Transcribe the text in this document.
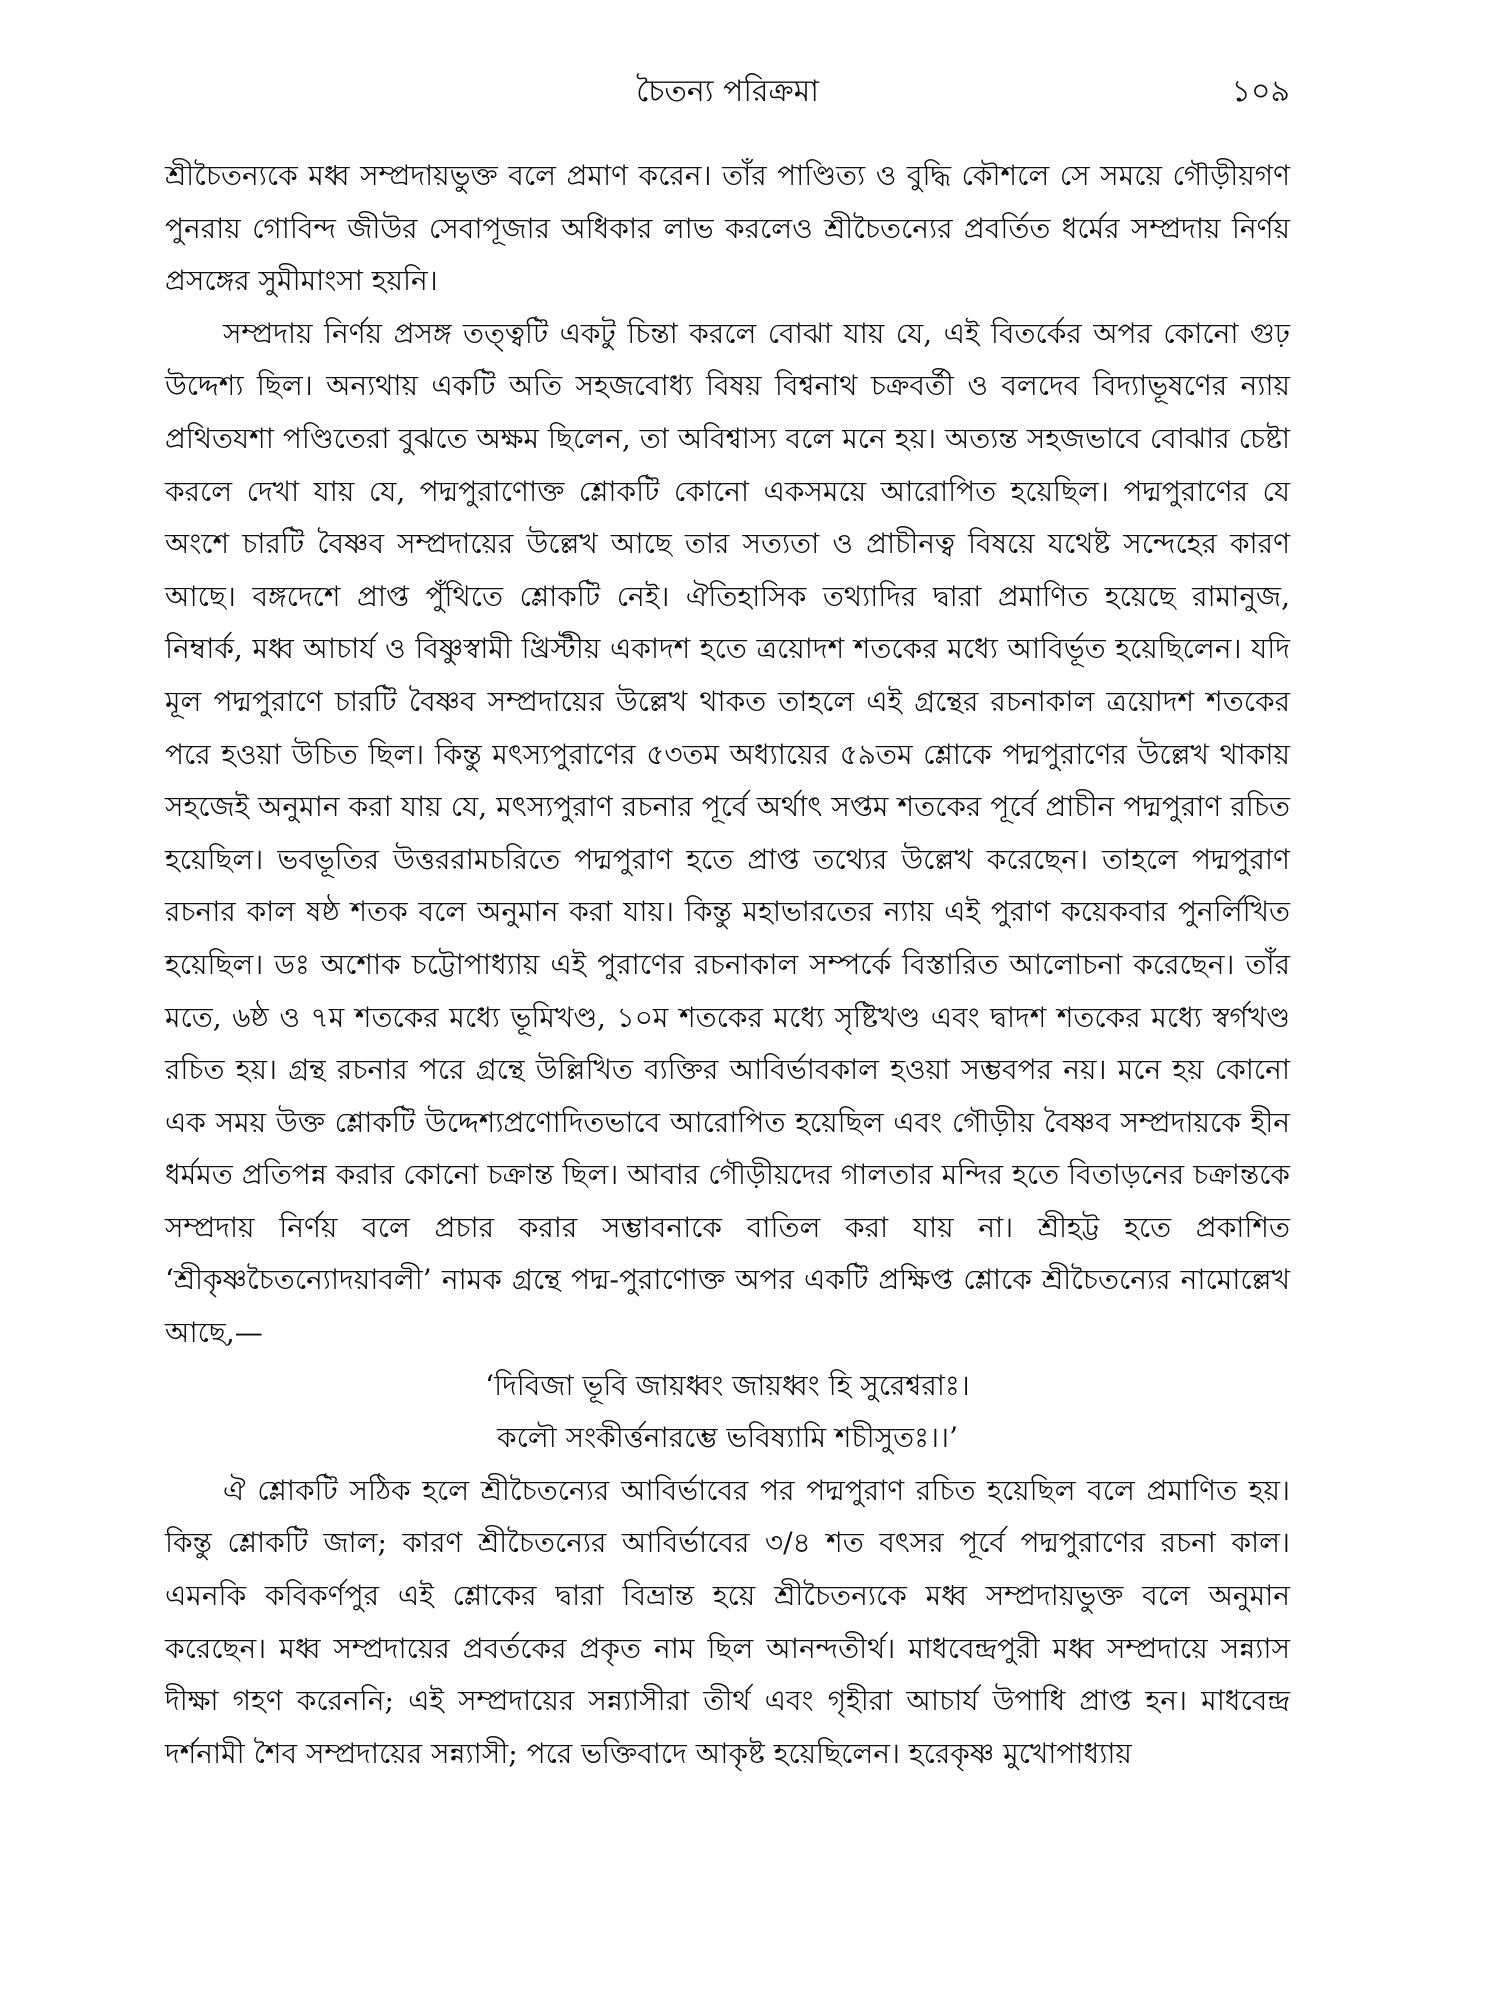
চৈতন্য পরিক্রমা	১০৯

শ্রীচৈতন্যকে মধ্ব সম্প্রদায়ভুক্ত বলে প্রমাণ করেন। তাঁর পাণ্ডিত্য ও বুদ্ধি কৌশলে সে সময়ে গৌড়ীয়গণ পুনরায় গোবিন্দ জীউর সেবাপূজার অধিকার লাভ করলেও শ্রীচৈতন্যের প্রবর্তিত ধর্মের সম্প্রদায় নির্ণয় প্রসঙ্গের সুমীমাংসা হয়নি।

সম্প্রদায় নির্ণয় প্রসঙ্গ তত্ত্বটি একটু চিন্তা করলে বোঝা যায় যে, এই বিতর্কের অপর কোনো গুঢ় উদ্দেশ্য ছিল। অন্যথায় একটি অতি সহজবোধ্য বিষয় বিশ্বনাথ চক্রবর্তী ও বলদেব বিদ্যাভূষণের ন্যায় প্রথিতযশা পণ্ডিতেরা বুঝতে অক্ষম ছিলেন, তা অবিশ্বাস্য বলে মনে হয়। অত্যন্ত সহজভাবে বোঝার চেষ্টা করলে দেখা যায় যে, পদ্মপুরাণোক্ত শ্লোকটি কোনো একসময়ে আরোপিত হয়েছিল। পদ্মপুরাণের যে অংশে চারটি বৈষ্ণব সম্প্রদায়ের উল্লেখ আছে তার সত্যতা ও প্রাচীনত্ব বিষয়ে যথেষ্ট সন্দেহের কারণ আছে। বঙ্গদেশে প্রাপ্ত পুঁথিতে শ্লোকটি নেই। ঐতিহাসিক তথ্যাদির দ্বারা প্রমাণিত হয়েছে রামানুজ, নিম্বার্ক, মধ্ব আচার্য ও বিষ্ণুস্বামী খ্রিস্টীয় একাদশ হতে ত্রয়োদশ শতকের মধ্যে আবির্ভূত হয়েছিলেন। যদি মূল পদ্মপুরাণে চারটি বৈষ্ণব সম্প্রদায়ের উল্লেখ থাকত তাহলে এই গ্রন্থের রচনাকাল ত্রয়োদশ শতকের পরে হওয়া উচিত ছিল। কিন্তু মৎস্যপুরাণের ৫৩তম অধ্যায়ের ৫৯তম শ্লোকে পদ্মপুরাণের উল্লেখ থাকায় সহজেই অনুমান করা যায় যে, মৎস্যপুরাণ রচনার পূর্বে অর্থাৎ সপ্তম শতকের পূর্বে প্রাচীন পদ্মপুরাণ রচিত হয়েছিল। ভবভূতির উত্তররামচরিতে পদ্মপুরাণ হতে প্রাপ্ত তথ্যের উল্লেখ করেছেন। তাহলে পদ্মপুরাণ রচনার কাল ষষ্ঠ শতক বলে অনুমান করা যায়। কিন্তু মহাভারতের ন্যায় এই পুরাণ কয়েকবার পুনর্লিখিত হয়েছিল। ডঃ অশোক চট্টোপাধ্যায় এই পুরাণের রচনাকাল সম্পর্কে বিস্তারিত আলোচনা করেছেন। তাঁর মতে, ৬ষ্ঠ ও ৭ম শতকের মধ্যে ভূমিখণ্ড, ১০ম শতকের মধ্যে সৃষ্টিখণ্ড এবং দ্বাদশ শতকের মধ্যে স্বর্গখণ্ড রচিত হয়। গ্রন্থ রচনার পরে গ্রন্থে উল্লিখিত ব্যক্তির আবির্ভাবকাল হওয়া সম্ভবপর নয়। মনে হয় কোনো এক সময় উক্ত শ্লোকটি উদ্দেশ্যপ্রণোদিতভাবে আরোপিত হয়েছিল এবং গৌড়ীয় বৈষ্ণব সম্প্রদায়কে হীন ধর্মমত প্রতিপন্ন করার কোনো চক্রান্ত ছিল। আবার গৌড়ীয়দের গালতার মন্দির হতে বিতাড়নের চক্রান্তকে সম্প্রদায় নির্ণয় বলে প্রচার করার সম্ভাবনাকে বাতিল করা যায় না। শ্রীহট্ট হতে প্রকাশিত ‘শ্রীকৃষ্ণচৈতন্যোদয়াবলী’ নামক গ্রন্থে পদ্ম-পুরাণোক্ত অপর একটি প্রক্ষিপ্ত শ্লোকে শ্রীচৈতন্যের নামোল্লেখ আছে,—

‘দিবিজা ভূবি জায়ধ্বং জায়ধ্বং হি সুরেশ্বরাঃ।
কলৌ সংকীর্ত্তনারম্ভে ভবিষ্যামি শচীসুতঃ।।’

ঐ শ্লোকটি সঠিক হলে শ্রীচৈতন্যের আবির্ভাবের পর পদ্মপুরাণ রচিত হয়েছিল বলে প্রমাণিত হয়। কিন্তু শ্লোকটি জাল; কারণ শ্রীচৈতন্যের আবির্ভাবের ৩/৪ শত বৎসর পূর্বে পদ্মপুরাণের রচনা কাল। এমনকি কবিকর্ণপুর এই শ্লোকের দ্বারা বিভ্রান্ত হয়ে শ্রীচৈতন্যকে মধ্ব সম্প্রদায়ভুক্ত বলে অনুমান করেছেন। মধ্ব সম্প্রদায়ের প্রবর্তকের প্রকৃত নাম ছিল আনন্দতীর্থ। মাধবেন্দ্রপুরী মধ্ব সম্প্রদায়ে সন্ন্যাস দীক্ষা গহণ করেননি; এই সম্প্রদায়ের সন্ন্যাসীরা তীর্থ এবং গৃহীরা আচার্য উপাধি প্রাপ্ত হন। মাধবেন্দ্র দর্শনামী শৈব সম্প্রদায়ের সন্ন্যাসী; পরে ভক্তিবাদে আকৃষ্ট হয়েছিলেন। হরেকৃষ্ণ মুখোপাধ্যায়
